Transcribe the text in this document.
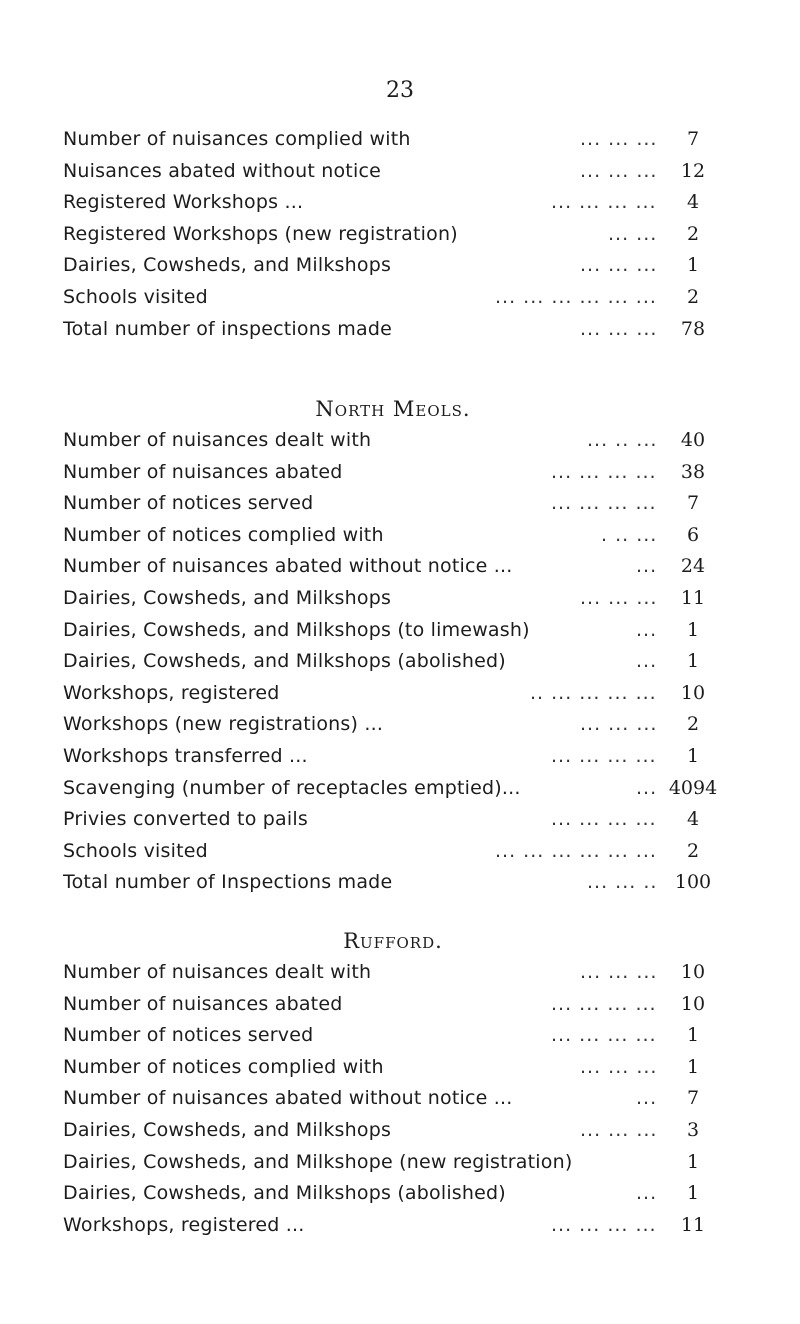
23
Number of nuisances complied with	... ... ...	7
Nuisances abated without notice	... ... ...	12
Registered Workshops ...	... ... ... ...	4
Registered Workshops (new registration)	... ...	2
Dairies, Cowsheds, and Milkshops	... ... ...	1
Schools visited	... ... ... ... ... ...	2
Total number of inspections made	... ... ...	78
North Meols.
Number of nuisances dealt with	... .. ...	40
Number of nuisances abated	... ... ... ...	38
Number of notices served	... ... ... ...	7
Number of notices complied with	. .. ...	6
Number of nuisances abated without notice ...	...	24
Dairies, Cowsheds, and Milkshops	... ... ...	11
Dairies, Cowsheds, and Milkshops (to limewash)	...	1
Dairies, Cowsheds, and Milkshops (abolished)	...	1
Workshops, registered	.. ... ... ... ...	10
Workshops (new registrations) ...	... ... ...	2
Workshops transferred ...	... ... ... ...	1
Scavenging (number of receptacles emptied)...	... 4094
Privies converted to pails	... ... ... ...	4
Schools visited	... ... ... ... ... ...	2
Total number of Inspections made	... ... .. 100
Rufford.
Number of nuisances dealt with	... ... ...	10
Number of nuisances abated	... ... ... ...	10
Number of notices served	... ... ... ...	1
Number of notices complied with	... ... ...	1
Number of nuisances abated without notice ...	...	7
Dairies, Cowsheds, and Milkshops	... ... ...	3
Dairies, Cowsheds, and Milkshope (new registration)	1
Dairies, Cowsheds, and Milkshops (abolished)	...	1
Workshops, registered ...	... ... ... ...	11
